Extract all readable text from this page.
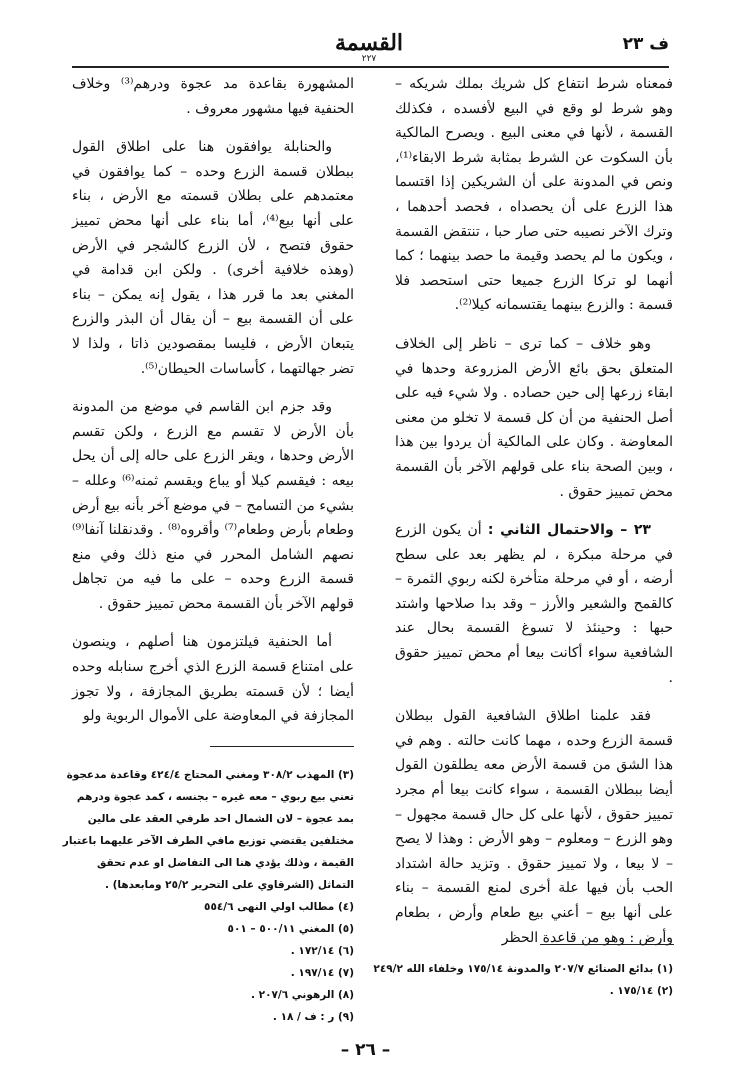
ف ٢٣
القسمة
٢٢٧

فمعناه شرط انتفاع كل شريك بملك شريكه – وهو شرط لو وقع في البيع لأفسده ، فكذلك القسمة ، لأنها في معنى البيع . ويصرح المالكية بأن السكوت عن الشرط بمثابة شرط الابقاء⁽¹⁾، ونص في المدونة على أن الشريكين إذا اقتسما هذا الزرع على أن يحصداه ، فحصد أحدهما ، وترك الآخر نصيبه حتى صار حبا ، تنتقض القسمة ، ويكون ما لم يحصد وقيمة ما حصد بينهما ؛ كما أنهما لو تركا الزرع جميعا حتى استحصد فلا قسمة : والزرع بينهما يقتسمانه كيلا⁽²⁾.

وهو خلاف – كما ترى – ناظر إلى الخلاف المتعلق بحق بائع الأرض المزروعة وحدها في ابقاء زرعها إلى حين حصاده . ولا شيء فيه على أصل الحنفية من أن كل قسمة لا تخلو من معنى المعاوضة . وكان على المالكية أن يردوا بين هذا ، وبين الصحة بناء على قولهم الآخر بأن القسمة محض تمييز حقوق .

٢٣ – والاحتمال الثاني : أن يكون الزرع في مرحلة مبكرة ، لم يظهر بعد على سطح أرضه ، أو في مرحلة متأخرة لكنه ربوي الثمرة – كالقمح والشعير والأرز – وقد بدا صلاحها واشتد حبها : وحينئذ لا تسوغ القسمة بحال عند الشافعية سواء أكانت بيعا أم محض تمييز حقوق .

فقد علمنا اطلاق الشافعية القول ببطلان قسمة الزرع وحده ، مهما كانت حالته . وهم في هذا الشق من قسمة الأرض معه يطلقون القول أيضا ببطلان القسمة ، سواء كانت بيعا أم مجرد تمييز حقوق ، لأنها على كل حال قسمة مجهول – وهو الزرع – ومعلوم – وهو الأرض : وهذا لا يصح – لا بيعا ، ولا تمييز حقوق . وتزيد حالة اشتداد الحب بأن فيها علة أخرى لمنع القسمة – بناء على أنها بيع – أعني بيع طعام وأرض ، بطعام وأرض : وهو من قاعدة الحظر

المشهورة بقاعدة مد عجوة ودرهم⁽³⁾ وخلاف الحنفية فيها مشهور معروف .

والحنابلة يوافقون هنا على اطلاق القول ببطلان قسمة الزرع وحده – كما يوافقون في معتمدهم على بطلان قسمته مع الأرض ، بناء على أنها بيع⁽⁴⁾، أما بناء على أنها محض تمييز حقوق فتصح ، لأن الزرع كالشجر في الأرض (وهذه خلافية أخرى) . ولكن ابن قدامة في المغني بعد ما قرر هذا ، يقول إنه يمكن – بناء على أن القسمة بيع – أن يقال أن البذر والزرع يتبعان الأرض ، فليسا بمقصودين ذاتا ، ولذا لا تضر جهالتهما ، كأساسات الحيطان⁽⁵⁾.

وقد جزم ابن القاسم في موضع من المدونة بأن الأرض لا تقسم مع الزرع ، ولكن تقسم الأرض وحدها ، ويقر الزرع على حاله إلى أن يحل بيعه : فيقسم كيلا أو يباع ويقسم ثمنه⁽⁶⁾ وعلله – بشيء من التسامح – في موضع آخر بأنه بيع أرض وطعام بأرض وطعام⁽⁷⁾ وأقروه⁽⁸⁾ . وقدنقلنا آنفا⁽⁹⁾ نصهم الشامل المحرر في منع ذلك وفي منع قسمة الزرع وحده – على ما فيه من تجاهل قولهم الآخر بأن القسمة محض تمييز حقوق .

أما الحنفية فيلتزمون هنا أصلهم ، وينصون على امتناع قسمة الزرع الذي أخرج سنابله وحده أيضا ؛ لأن قسمته بطريق المجازفة ، ولا تجوز المجازفة في المعاوضة على الأموال الربوية ولو

(٣) المهذب ٣٠٨/٢ ومغني المحتاج ٤٢٤/٤ وقاعدة مدعجوة
تعني بيع ربوي – معه غيره – بجنسه ، كمد عجوة ودرهم
بمد عجوة – لان الشمال احد طرفي العقد على مالين
مختلفين يقتضي توزيع مافي الطرف الآخر عليهما باعتبار
القيمة ، وذلك يؤدي هنا الى التفاضل او عدم تحقق
التماثل (الشرقاوي على التحرير ٢٥/٢ ومابعدها) .
(٤) مطالب اولي النهى ٥٥٤/٦
(٥) المغني ٥٠٠/١١ – ٥٠١
(٦) ١٧٢/١٤ .
(٧) ١٩٧/١٤ .
(٨) الرهوني ٢٠٧/٦ .
(٩) ر : ف / ١٨ .
(١) بدائع الصنائع ٢٠٧/٧ والمدونة ١٧٥/١٤ وخلفاء الله ٢٤٩/٢
(٢) ١٧٥/١٤ .
– ٢٦ –
